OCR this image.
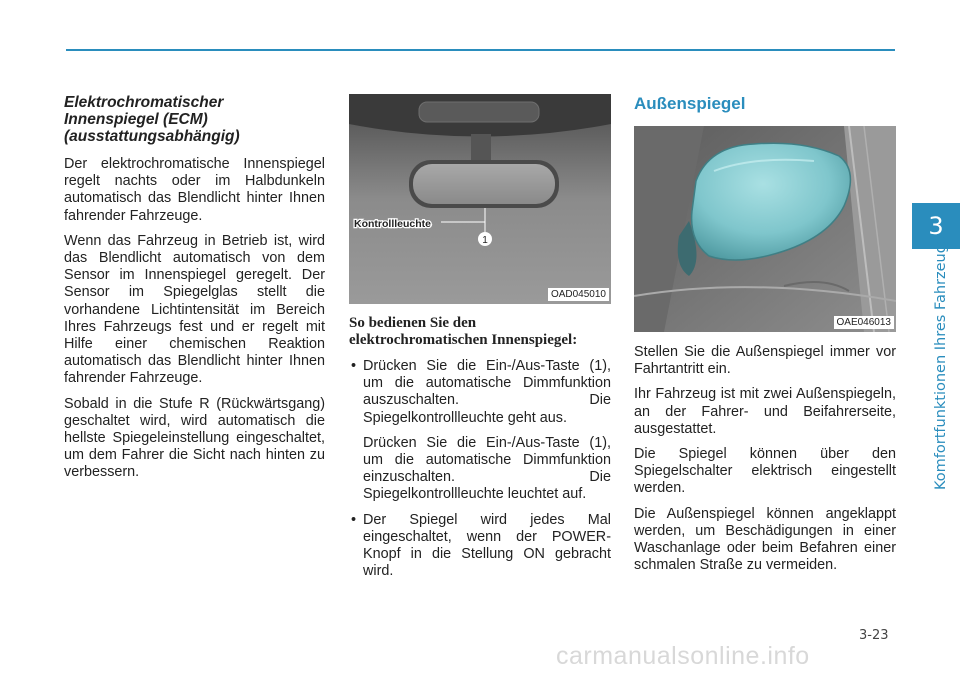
3
Komfortfunktionen Ihres Fahrzeugs
Elektrochromatischer
Innenspiegel (ECM)
(ausstattungsabhängig)

Der elektrochromatische Innenspiegel regelt nachts oder im Halbdunkeln automatisch das Blendlicht hinter Ihnen fahrender Fahrzeuge.

Wenn das Fahrzeug in Betrieb ist, wird das Blendlicht automatisch von dem Sensor im Innenspiegel geregelt. Der Sensor im Spiegelglas stellt die vorhandene Lichtintensität im Bereich Ihres Fahrzeugs fest und er regelt mit Hilfe einer chemischen Reaktion automatisch das Blendlicht hinter Ihnen fahrender Fahrzeuge.

Sobald in die Stufe R (Rückwärtsgang) geschaltet wird, wird automatisch die hellste Spiegeleinstellung eingeschaltet, um dem Fahrer die Sicht nach hinten zu verbessern.

1
Kontrollleuchte
OAD045010
So bedienen Sie den
elektrochromatischen Innenspiegel:

• Drücken Sie die Ein-/Aus-Taste (1), um die automatische Dimmfunktion auszuschalten. Die Spiegelkontrollleuchte geht aus.

Drücken Sie die Ein-/Aus-Taste (1), um die automatische Dimmfunktion einzuschalten. Die Spiegelkontrollleuchte leuchtet auf.

• Der Spiegel wird jedes Mal eingeschaltet, wenn der POWER-Knopf in die Stellung ON gebracht wird.

Außenspiegel
OAE046013

Stellen Sie die Außenspiegel immer vor Fahrtantritt ein.

Ihr Fahrzeug ist mit zwei Außenspiegeln, an der Fahrer- und Beifahrerseite, ausgestattet.

Die Spiegel können über den Spiegelschalter elektrisch eingestellt werden.

Die Außenspiegel können angeklappt werden, um Beschädigungen in einer Waschanlage oder beim Befahren einer schmalen Straße zu vermeiden.

3-23
carmanualsonline.info
